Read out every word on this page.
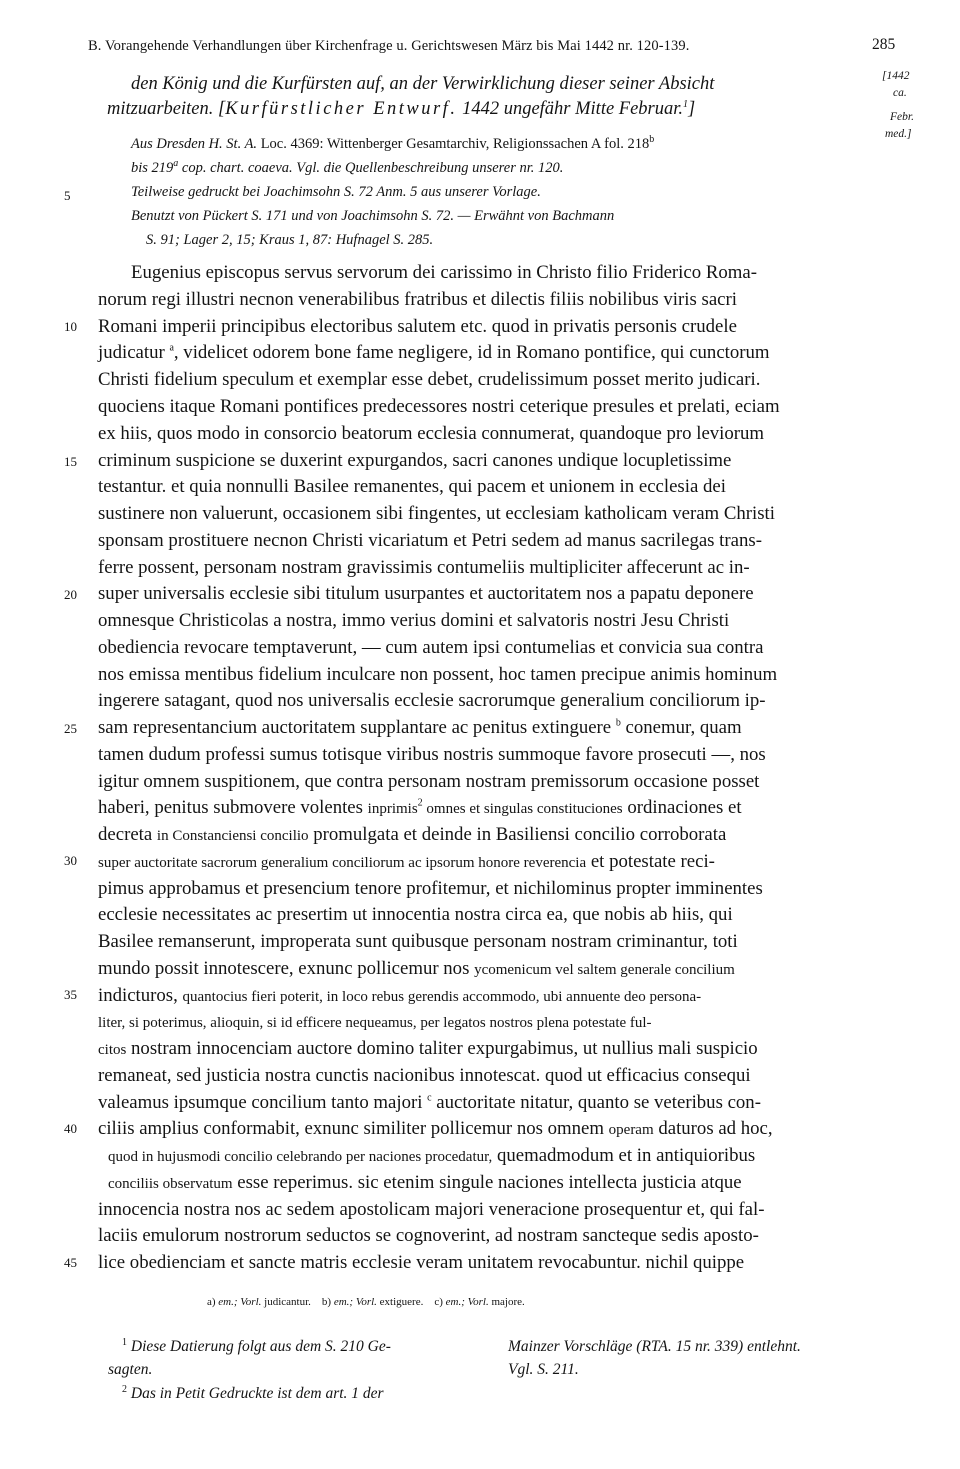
B. Vorangehende Verhandlungen über Kirchenfrage u. Gerichtswesen März bis Mai 1442 nr. 120-139.	285
den König und die Kurfürsten auf, an der Verwirklichung dieser seiner Absicht
mitzuarbeiten. [Kurfürstlicher Entwurf. 1442 ungefähr Mitte Februar.$^1$]
[1442
ca.
Febr.
med.]
Aus Dresden H. St. A. Loc. 4369: Wittenberger Gesamtarchiv, Religionssachen A fol. 218$^b$
bis 219$^a$ cop. chart. coaeva. Vgl. die Quellenbeschreibung unserer nr. 120.
Teilweise gedruckt bei Joachimsohn S. 72 Anm. 5 aus unserer Vorlage.
Benutzt von Pückert S. 171 und von Joachimsohn S. 72. — Erwähnt von Bachmann
S. 91; Lager 2, 15; Kraus 1, 87: Hufnagel S. 285.
5
10
15
20
25
30
35
40
45
Eugenius episcopus servus servorum dei carissimo in Christo filio Friderico Roma-
norum regi illustri necnon venerabilibus fratribus et dilectis filiis nobilibus viris sacri
Romani imperii principibus electoribus salutem etc. quod in privatis personis crudele
judicatur $^a$, videlicet odorem bone fame negligere, id in Romano pontifice, qui cunctorum
Christi fidelium speculum et exemplar esse debet, crudelissimum posset merito judicari.
quociens itaque Romani pontifices predecessores nostri ceterique presules et prelati, eciam
ex hiis, quos modo in consorcio beatorum ecclesia connumerat, quandoque pro leviorum
criminum suspicione se duxerint expurgandos, sacri canones undique locupletissime
testantur. et quia nonnulli Basilee remanentes, qui pacem et unionem in ecclesia dei
sustinere non valuerunt, occasionem sibi fingentes, ut ecclesiam katholicam veram Christi
sponsam prostituere necnon Christi vicariatum et Petri sedem ad manus sacrilegas trans-
ferre possent, personam nostram gravissimis contumeliis multipliciter affecerunt ac in-
super universalis ecclesie sibi titulum usurpantes et auctoritatem nos a papatu deponere
omnesque Christicolas a nostra, immo verius domini et salvatoris nostri Jesu Christi
obediencia revocare temptaverunt, — cum autem ipsi contumelias et convicia sua contra
nos emissa mentibus fidelium inculcare non possent, hoc tamen precipue animis hominum
ingerere satagant, quod nos universalis ecclesie sacrorumque generalium conciliorum ip-
sam representancium auctoritatem supplantare ac penitus extinguere $^b$ conemur, quam
tamen dudum professi sumus totisque viribus nostris summoque favore prosecuti —, nos
igitur omnem suspitionem, que contra personam nostram premissorum occasione posset
haberi, penitus submovere volentes inprimis$^2$ omnes et singulas constituciones ordinaciones et
decreta in Constanciensi concilio promulgata et deinde in Basiliensi concilio corroborata
super auctoritate sacrorum generalium conciliorum ac ipsorum honore reverencia et potestate reci-
pimus approbamus et presencium tenore profitemur, et nichilominus propter imminentes
ecclesie necessitates ac presertim ut innocentia nostra circa ea, que nobis ab hiis, qui
Basilee remanserunt, improperata sunt quibusque personam nostram criminantur, toti
mundo possit innotescere, exnunc pollicemur nos ycomenicum vel saltem generale concilium
indicturos, quantocius fieri poterit, in loco rebus gerendis accommodo, ubi annuente deo persona-
liter, si poterimus, alioquin, si id efficere nequeamus, per legatos nostros plena potestate ful-
citos nostram innocenciam auctore domino taliter expurgabimus, ut nullius mali suspicio
remaneat, sed justicia nostra cunctis nacionibus innotescat. quod ut efficacius consequi
valeamus ipsumque concilium tanto majori $^c$ auctoritate nitatur, quanto se veteribus con-
ciliis amplius conformabit, exnunc similiter pollicemur nos omnem operam daturos ad hoc,
quod in hujusmodi concilio celebrando per naciones procedatur, quemadmodum et in antiquioribus
conciliis observatum esse reperimus. sic etenim singule naciones intellecta justicia atque
innocencia nostra nos ac sedem apostolicam majori veneracione prosequentur et, qui fal-
laciis emulorum nostrorum seductos se cognoverint, ad nostram sancteque sedis aposto-
lice obedienciam et sancte matris ecclesie veram unitatem revocabuntur. nichil quippe
a) em.; Vorl. judicantur. b) em.; Vorl. extiguere. c) em.; Vorl. majore.
$^1$ Diese Datierung folgt aus dem S. 210 Ge-
sagten.
Mainzer Vorschläge (RTA. 15 nr. 339) entlehnt.
Vgl. S. 211.
$^2$ Das in Petit Gedruckte ist dem art. 1 der
